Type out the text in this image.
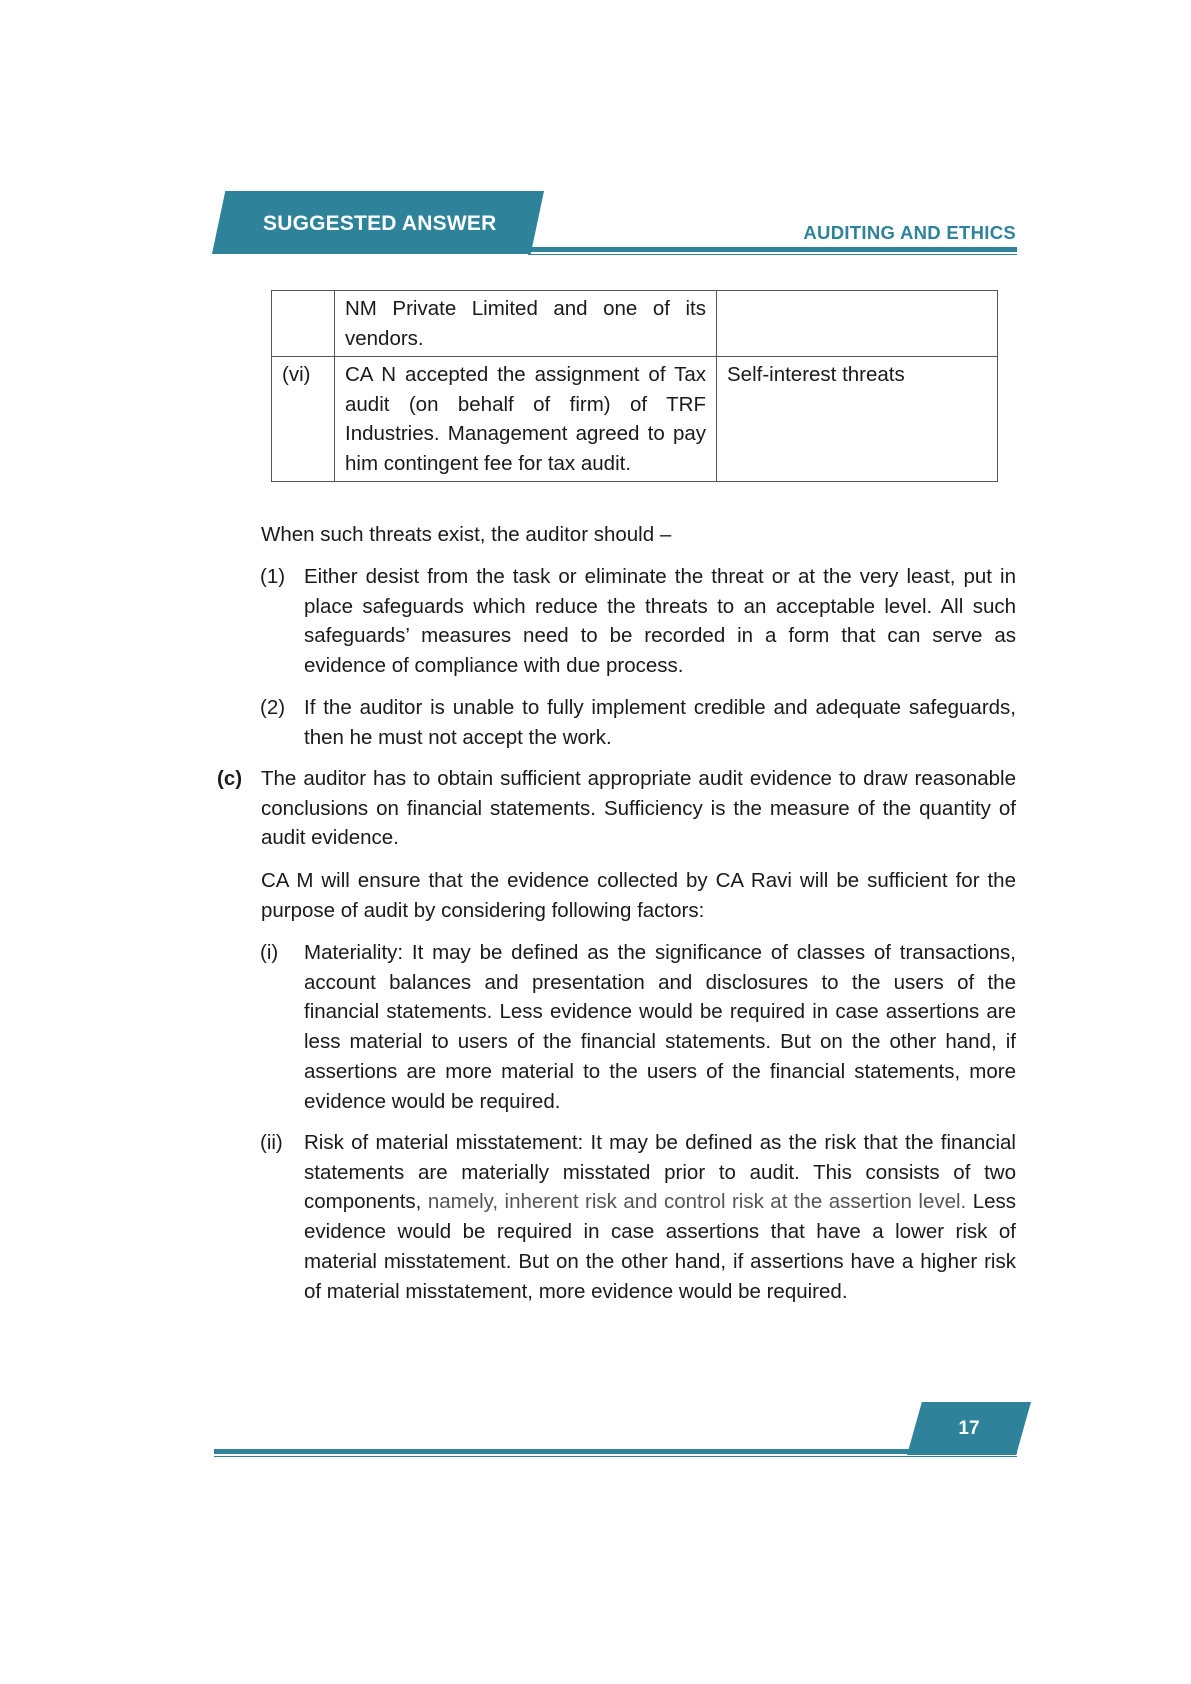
SUGGESTED ANSWER	AUDITING AND ETHICS
	NM Private Limited and one of its vendors.	
(vi)	CA N accepted the assignment of Tax audit (on behalf of firm) of TRF Industries. Management agreed to pay him contingent fee for tax audit.	Self-interest threats

When such threats exist, the auditor should –

(1) Either desist from the task or eliminate the threat or at the very least, put in place safeguards which reduce the threats to an acceptable level. All such safeguards’ measures need to be recorded in a form that can serve as evidence of compliance with due process.

(2) If the auditor is unable to fully implement credible and adequate safeguards, then he must not accept the work.

(c) The auditor has to obtain sufficient appropriate audit evidence to draw reasonable conclusions on financial statements. Sufficiency is the measure of the quantity of audit evidence.

CA M will ensure that the evidence collected by CA Ravi will be sufficient for the purpose of audit by considering following factors:

(i) Materiality: It may be defined as the significance of classes of transactions, account balances and presentation and disclosures to the users of the financial statements. Less evidence would be required in case assertions are less material to users of the financial statements. But on the other hand, if assertions are more material to the users of the financial statements, more evidence would be required.

(ii) Risk of material misstatement: It may be defined as the risk that the financial statements are materially misstated prior to audit. This consists of two components, namely, inherent risk and control risk at the assertion level. Less evidence would be required in case assertions that have a lower risk of material misstatement. But on the other hand, if assertions have a higher risk of material misstatement, more evidence would be required.

17
